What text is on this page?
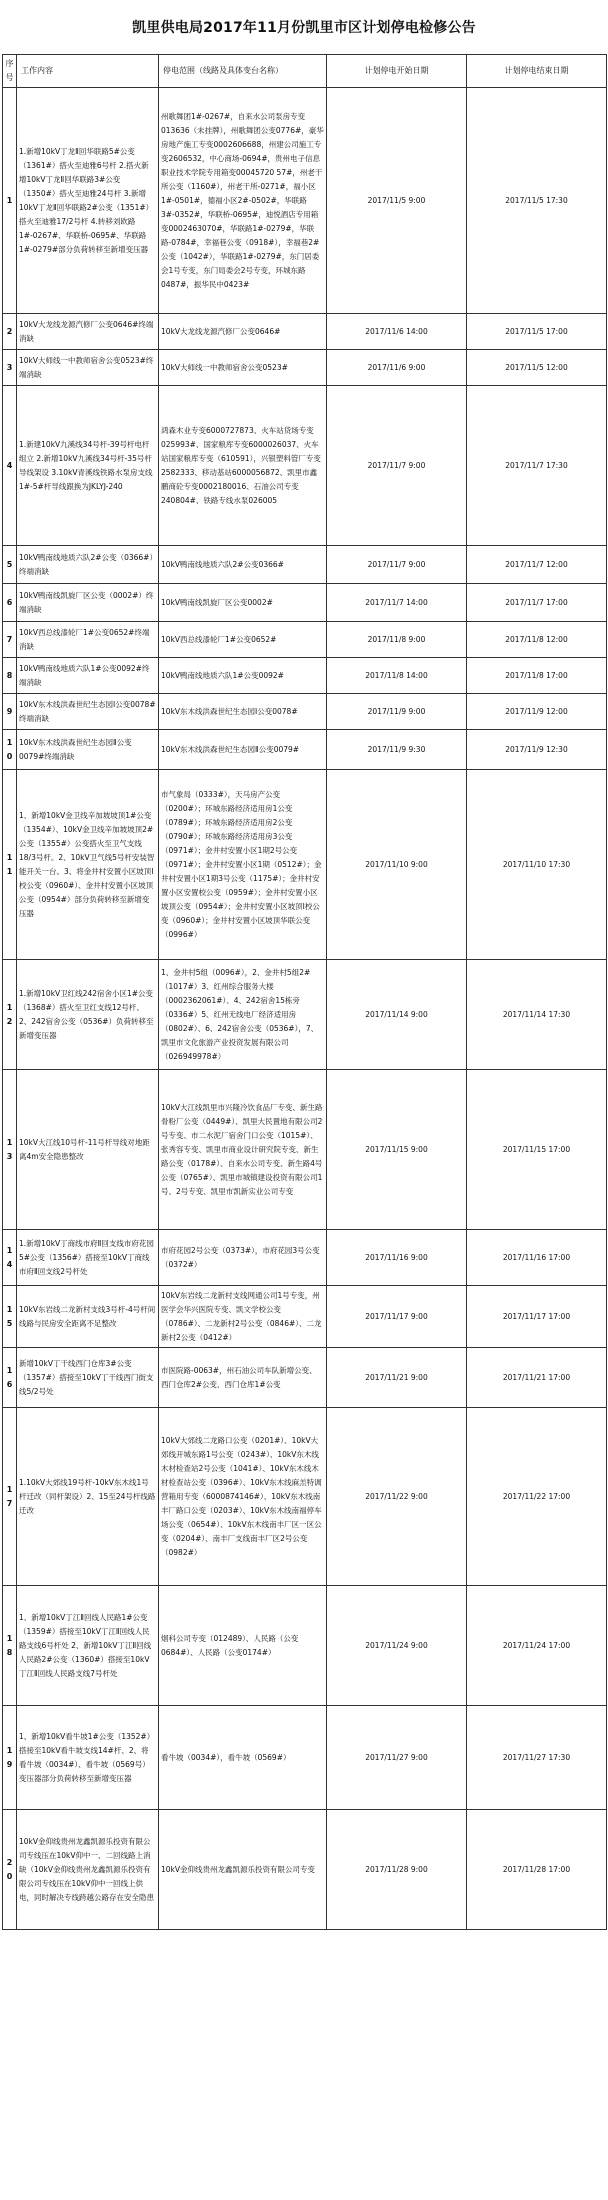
凯里供电局2017年11月份凯里市区计划停电检修公告
序号	工作内容	停电范围（线路及具体变台名称）	计划停电开始日期	计划停电结束日期
1	1.新增10kV丁龙Ⅱ回华联路5#公变（1361#）搭火至迪雅6号杆 2.搭火新增10kV丁龙Ⅱ回华联路3#公变（1350#）搭火至迪雅24号杆 3.新增10kV丁龙Ⅱ回华联路2#公变（1351#）搭火至迪雅17/2号杆 4.转移刘欧路1#-0267#、华联桥-0695#、华联路1#-0279#部分负荷转移至新增变压器	州歌舞团1#-0267#，自来水公司泵房专变013636（未挂牌），州歌舞团公变0776#，豪华房地产施工专变0002606688，州建公司施工专变2606532，中心商场-0694#，贵州电子信息职业技术学院专用箱变00045720 57#，州老干所公变（1160#），州老干所-0271#，福小区1#-0501#，德福小区2#-0502#，华联路3#-0352#，华联桥-0695#，迪悦酒店专用箱变0002463070#，华联路1#-0279#，华联路-0784#，幸福巷公变（0918#），幸福巷2#公变（1042#），华联路1#-0279#，东门居委会1号专变，东门局委会2号专变，环城东路0487#，振华民中0423#	2017/11/5 9:00	2017/11/5 17:30
2	10kV大龙线龙源汽修厂公变0646#终端消缺	10kV大龙线龙源汽修厂公变0646#	2017/11/6 14:00	2017/11/5 17:00
3	10kV大师线一中教师宿舍公变0523#终端消缺	10kV大师线一中教师宿舍公变0523#	2017/11/6 9:00	2017/11/5 12:00
4	1.新建10kV九溪线34号杆-39号杆电杆组立 2.新增10kV九溪线34号杆-35号杆导线架设 3.10kV青溪线铁路水泵房支线1#-5#杆导线跟换为JKLYJ-240	鸿森木业专变6000727873、火车站货场专变025993#、国家粮库专变6000026037、火车站国家粮库专变（610591），兴银塑料管厂专变2582333、移动基站6000056872、凯里市鑫鹏商砼专变0002180016、石油公司专变240804#、铁路专线水泵026005	2017/11/7 9:00	2017/11/7 17:30
5	10kV鸭南线地质六队2#公变（0366#）终端消缺	10kV鸭南线地质六队2#公变0366#	2017/11/7 9:00	2017/11/7 12:00
6	10kV鸭南线凯旋厂区公变（0002#）终端消缺	10kV鸭南线凯旋厂区公变0002#	2017/11/7 14:00	2017/11/7 17:00
7	10kV西总线漆轮厂1#公变0652#终端消缺	10kV西总线漆轮厂1#公变0652#	2017/11/8 9:00	2017/11/8 12:00
8	10kV鸭南线地质六队1#公变0092#终端消缺	10kV鸭南线地质六队1#公变0092#	2017/11/8 14:00	2017/11/8 17:00
9	10kV东木线洪森世纪生态园Ⅰ公变0078#终端消缺	10kV东木线洪森世纪生态园Ⅰ公变0078#	2017/11/9 9:00	2017/11/9 12:00
10	10kV东木线洪森世纪生态园Ⅱ公变0079#终端消缺	10kV东木线洪森世纪生态园Ⅱ公变0079#	2017/11/9 9:30	2017/11/9 12:30
11	1、新增10kV金卫线辛加坡坡顶1#公变（1354#）、10kV金卫线辛加坡坡顶2#公变（1355#）公变搭火至卫气支线18/3号杆。2、10kV卫气线5号杆安装智能开关一台。3、将金井村安置小区坡顶Ⅰ校公变（0960#）、金井村安置小区坡顶公变（0954#）部分负荷转移至新增变压器	市气象局（0333#），天马房产公变（0200#）；环城东路经济适用房1公变（0789#）；环城东路经济适用房2公变（0790#）；环城东路经济适用房3公变（0971#）；金井村安置小区1期2号公变（0971#）；金井村安置小区1期（0512#）；金井村安置小区1期3号公变（1175#）；金井村安置小区安置校公变（0959#）；金井村安置小区坡顶公变（0954#）；金井村安置小区坡顶Ⅰ校公变（0960#）；金井村安置小区坡顶华联公变（0996#）	2017/11/10 9:00	2017/11/10 17:30
12	1.新增10kV卫红线242宿舍小区1#公变（1368#）搭火至卫红支线12号杆、2、242宿舍公变（0536#）负荷转移至新增变压器	1、金井村5组（0096#），2、金井村5组2#（1017#）3、红州综合服务大楼（0002362061#）、4、242宿舍15栋旁（0336#）5、红州无线电厂经济适用房（0802#）、6、242宿舍公变（0536#），7、凯里市文化旅游产业投资发展有限公司（026949978#）	2017/11/14 9:00	2017/11/14 17:30
13	10kV大江线10号杆-11号杆导线对地距离4m安全隐患整改	10kV大江线凯里市兴隆冷饮食品厂专变、新生路骨粉厂公变（0449#）、凯里大民置地有限公司2号专变、市二水泥厂宿舍门口公变（1015#）、张秀容专变、凯里市商业设计研究院专变、新生路公变（0178#）、自来水公司专变、新生路4号公变（0765#）、凯里市城镇建设投资有限公司1号、2号专变、凯里市凯新实业公司专变	2017/11/15 9:00	2017/11/15 17:00
14	1.新增10kV丁商线市府Ⅱ回支线市府花园5#公变（1356#）搭接至10kV丁商线市府Ⅱ回支线2号杆处	市府花园2号公变（0373#），市府花园3号公变（0372#）	2017/11/16 9:00	2017/11/16 17:00
15	10kV东岩线二龙新村支线3号杆-4号杆间线路与民房安全距离不足整改	10kV东岩线二龙新村支线网通公司1号专变，州医学会华兴医院专变、凯文学校公变（0786#）、二龙新村2号公变（0846#）、二龙新村2公变（0412#）	2017/11/17 9:00	2017/11/17 17:00
16	新增10kV丁干线西门仓库3#公变（1357#）搭接至10kV丁干线西门街支线5/2号处	市医院路-0063#，州石油公司车队新增公变、西门仓库2#公变、西门仓库1#公变	2017/11/21 9:00	2017/11/21 17:00
17	1.10kV大郊线19号杆-10kV东木线1号杆迁改（同杆架设）2、15至24号杆线路迁改	10kV大郊线二龙路口公变（0201#）、10kV大郊线开城东路1号公变（0243#）、10kV东木线木材检查站2号公变（1041#）、10kV东木线木材检查站公变（0396#）、10kV东木线麻羔特调营箱用专变（6000874146#）、10kV东木线南丰厂路口公变（0203#）、10kV东木线南福停车场公变（0654#）、10kV东木线南丰厂区一区公变（0204#）、南丰厂支线南丰厂区2号公变（0982#）	2017/11/22 9:00	2017/11/22 17:00
18	1、新增10kV丁江Ⅱ回线人民路1#公变（1359#）搭接至10kV丁江Ⅱ回线人民路支线6号杆处 2、新增10kV丁江Ⅱ回线人民路2#公变（1360#）搭接至10kV丁江Ⅱ回线人民路支线7号杆处	烟科公司专变（012489）、人民路（公变0684#）、人民路（公变0174#）	2017/11/24 9:00	2017/11/24 17:00
19	1、新增10kV看牛坡1#公变（1352#）搭接至10kV看牛坡支线14#杆、2、将看牛坡（0034#）、看牛坡（0569号）变压器部分负荷转移至新增变压器	看牛坡（0034#），看牛坡（0569#）	2017/11/27 9:00	2017/11/27 17:30
20	10kV金仰线贵州龙鑫凯源乐投资有限公司专线压在10kV仰中一、二回线路上消缺（10kV金仰线贵州龙鑫凯源乐投资有限公司专线压在10kV仰中一回线上供电，同时解决专线跨越公路存在安全隐患	10kV金仰线贵州龙鑫凯源乐投资有限公司专变	2017/11/28 9:00	2017/11/28 17:00
